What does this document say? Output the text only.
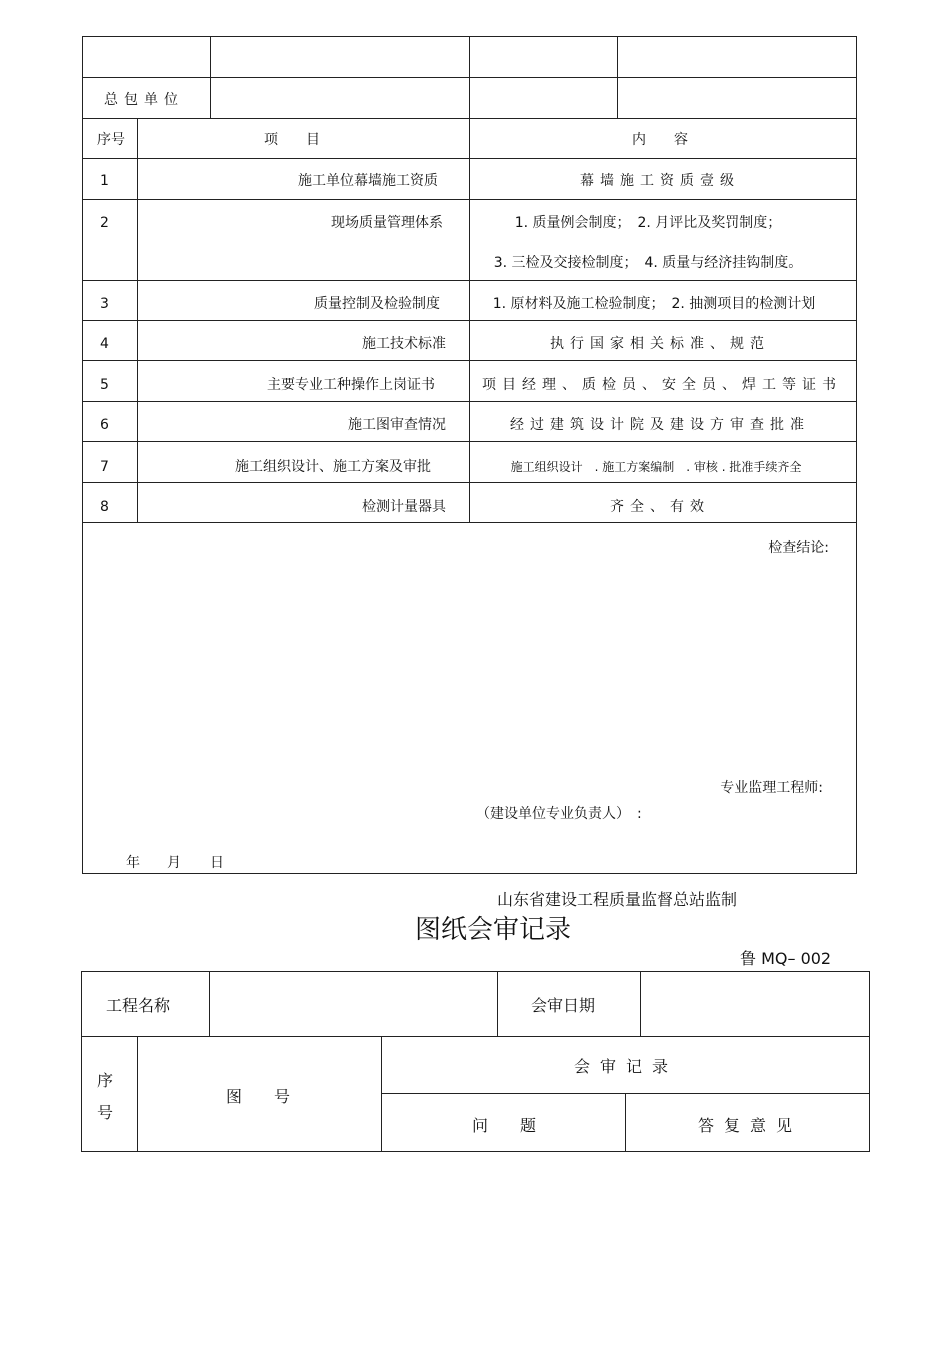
总包单位
序号	项　　目	内　　容
1	施工单位幕墙施工资质	幕墙施工资质壹级
2	现场质量管理体系	1. 质量例会制度；　2. 月评比及奖罚制度；
3. 三检及交接检制度；　4. 质量与经济挂钩制度。
3	质量控制及检验制度	1. 原材料及施工检验制度；　2. 抽测项目的检测计划
4	施工技术标准	执行国家相关标准、规范
5	主要专业工种操作上岗证书	项目经理、质检员、安全员、焊工等证书
6	施工图审查情况	经过建筑设计院及建设方审查批准
7	施工组织设计、施工方案及审批	施工组织设计　. 施工方案编制　. 审核 . 批准手续齐全
8	检测计量器具	齐全、有效
检查结论:
专业监理工程师:
（建设单位专业负责人）　:
年 月 日
山东省建设工程质量监督总站监制
图纸会审记录
鲁 MQ– 002
工程名称	会审日期
序
号
图　　号
会审记录
问　　题	答复意见
